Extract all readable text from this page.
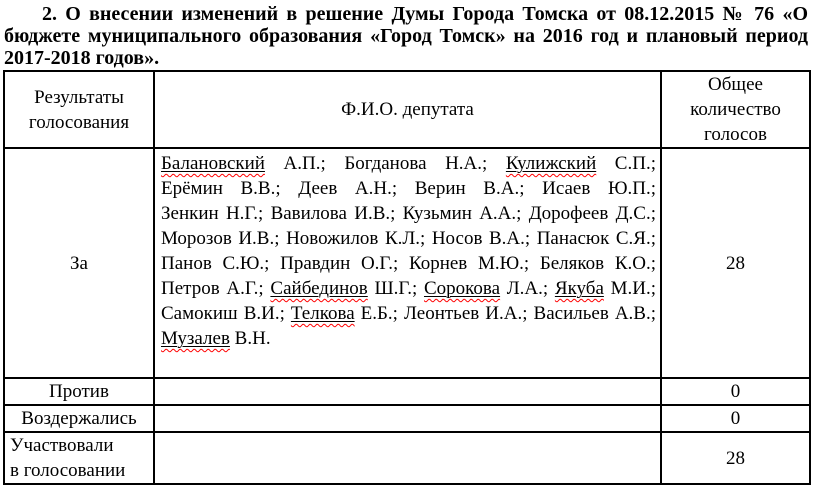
2. О внесении изменений в решение Думы Города Томска от 08.12.2015 № 76 «О бюджете муниципального образования «Город Томск» на 2016 год и плановый период 2017-2018 годов».

Результаты голосования	Ф.И.О. депутата	Общее количество голосов
За	Балановский А.П.; Богданова Н.А.; Кулижский С.П.; Ерёмин В.В.; Деев А.Н.; Верин В.А.; Исаев Ю.П.; Зенкин Н.Г.; Вавилова И.В.; Кузьмин А.А.; Дорофеев Д.С.; Морозов И.В.; Новожилов К.Л.; Носов В.А.; Панасюк С.Я.; Панов С.Ю.; Правдин О.Г.; Корнев М.Ю.; Беляков К.О.; Петров А.Г.; Сайбединов Ш.Г.; Сорокова Л.А.; Якуба М.И.; Самокиш В.И.; Телкова Е.Б.; Леонтьев И.А.; Васильев А.В.; Музалев В.Н.	28
Против		0
Воздержались		0
Участвовали в голосовании		28
